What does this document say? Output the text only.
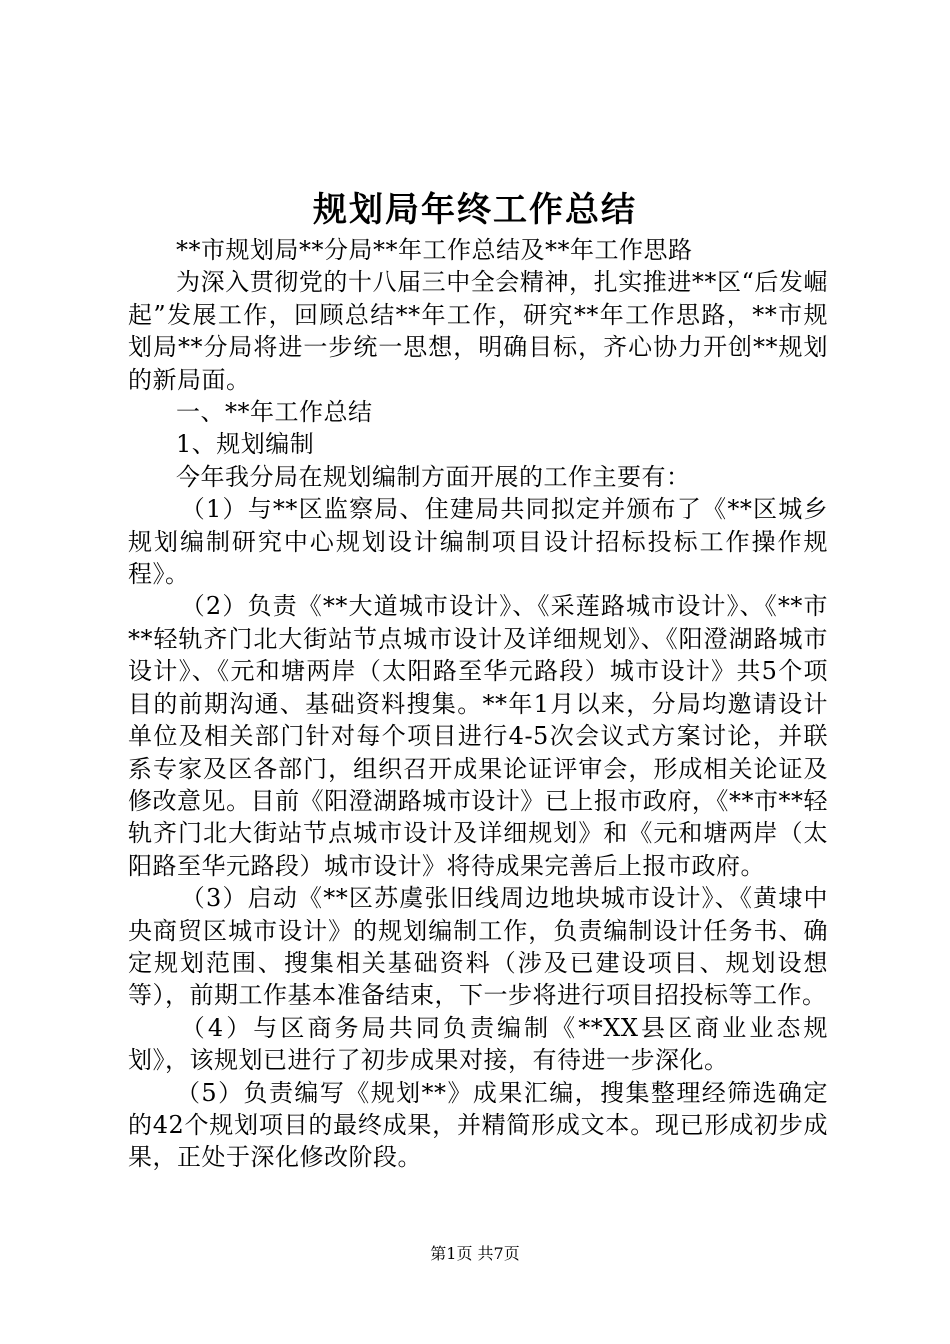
规划局年终工作总结

**市规划局**分局**年工作总结及**年工作思路

为深入贯彻党的十八届三中全会精神，扎实推进**区“后发崛起”发展工作，回顾总结**年工作，研究**年工作思路，**市规划局**分局将进一步统一思想，明确目标，齐心协力开创**规划的新局面。

一、**年工作总结

1、规划编制

今年我分局在规划编制方面开展的工作主要有：

（1）与**区监察局、住建局共同拟定并颁布了《**区城乡规划编制研究中心规划设计编制项目设计招标投标工作操作规程》。

（2）负责《**大道城市设计》、《采莲路城市设计》、《**市**轻轨齐门北大街站节点城市设计及详细规划》、《阳澄湖路城市设计》、《元和塘两岸（太阳路至华元路段）城市设计》共5个项目的前期沟通、基础资料搜集。**年1月以来，分局均邀请设计单位及相关部门针对每个项目进行4-5次会议式方案讨论，并联系专家及区各部门，组织召开成果论证评审会，形成相关论证及修改意见。目前《阳澄湖路城市设计》已上报市政府，《**市**轻轨齐门北大街站节点城市设计及详细规划》和《元和塘两岸（太阳路至华元路段）城市设计》将待成果完善后上报市政府。

（3）启动《**区苏虞张旧线周边地块城市设计》、《黄埭中央商贸区城市设计》的规划编制工作，负责编制设计任务书、确定规划范围、搜集相关基础资料（涉及已建设项目、规划设想等），前期工作基本准备结束，下一步将进行项目招投标等工作。

（4）与区商务局共同负责编制《**XX县区商业业态规划》，该规划已进行了初步成果对接，有待进一步深化。

（5）负责编写《规划**》成果汇编，搜集整理经筛选确定的42个规划项目的最终成果，并精简形成文本。现已形成初步成果，正处于深化修改阶段。

第1页 共7页
